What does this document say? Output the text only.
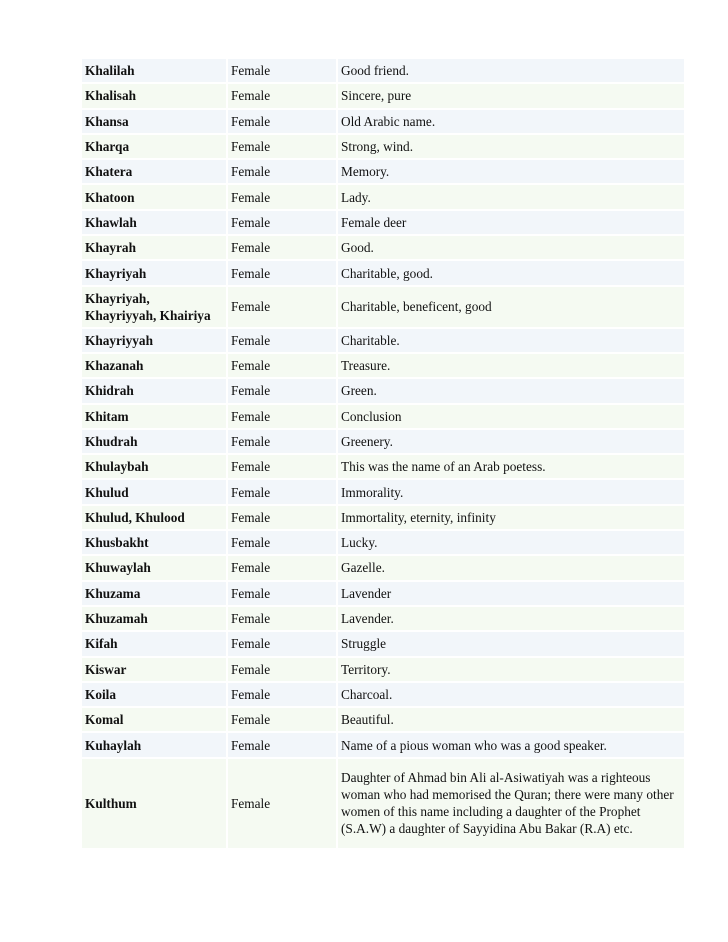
Khalilah	Female	Good friend.
Khalisah	Female	Sincere, pure
Khansa	Female	Old Arabic name.
Kharqa	Female	Strong, wind.
Khatera	Female	Memory.
Khatoon	Female	Lady.
Khawlah	Female	Female deer
Khayrah	Female	Good.
Khayriyah	Female	Charitable, good.
Khayriyah, Khayriyyah, Khairiya	Female	Charitable, beneficent, good
Khayriyyah	Female	Charitable.
Khazanah	Female	Treasure.
Khidrah	Female	Green.
Khitam	Female	Conclusion
Khudrah	Female	Greenery.
Khulaybah	Female	This was the name of an Arab poetess.
Khulud	Female	Immorality.
Khulud, Khulood	Female	Immortality, eternity, infinity
Khusbakht	Female	Lucky.
Khuwaylah	Female	Gazelle.
Khuzama	Female	Lavender
Khuzamah	Female	Lavender.
Kifah	Female	Struggle
Kiswar	Female	Territory.
Koila	Female	Charcoal.
Komal	Female	Beautiful.
Kuhaylah	Female	Name of a pious woman who was a good speaker.
Kulthum	Female	Daughter of Ahmad bin Ali al-Asiwatiyah was a righteous woman who had memorised the Quran; there were many other women of this name including a daughter of the Prophet (S.A.W) a daughter of Sayyidina Abu Bakar (R.A) etc.
